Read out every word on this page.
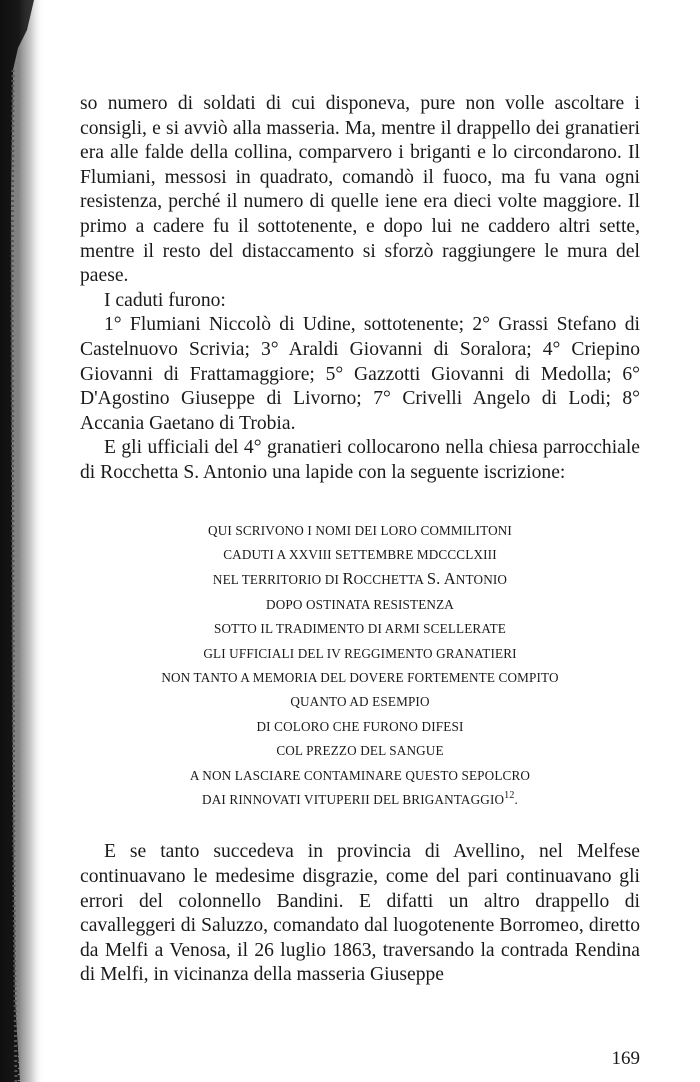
so numero di soldati di cui disponeva, pure non volle ascoltare i consigli, e si avviò alla masseria. Ma, mentre il drappello dei granatieri era alle falde della collina, comparvero i briganti e lo circondarono. Il Flumiani, messosi in quadrato, comandò il fuoco, ma fu vana ogni resistenza, perché il numero di quelle iene era dieci volte maggiore. Il primo a cadere fu il sottotenente, e dopo lui ne caddero altri sette, mentre il resto del distaccamento si sforzò raggiungere le mura del paese.

I caduti furono:

1° Flumiani Niccolò di Udine, sottotenente; 2° Grassi Stefano di Castelnuovo Scrivia; 3° Araldi Giovanni di Soralora; 4° Criepino Giovanni di Frattamaggiore; 5° Gazzotti Giovanni di Medolla; 6° D'Agostino Giuseppe di Livorno; 7° Crivelli Angelo di Lodi; 8° Accania Gaetano di Trobia.

E gli ufficiali del 4° granatieri collocarono nella chiesa parrocchiale di Rocchetta S. Antonio una lapide con la seguente iscrizione:

QUI SCRIVONO I NOMI DEI LORO COMMILITONI
CADUTI A XXVIII SETTEMBRE MDCCCLXIII
NEL TERRITORIO DI ROCCHETTA S. ANTONIO
DOPO OSTINATA RESISTENZA
SOTTO IL TRADIMENTO DI ARMI SCELLERATE
GLI UFFICIALI DEL IV REGGIMENTO GRANATIERI
NON TANTO A MEMORIA DEL DOVERE FORTEMENTE COMPITO
QUANTO AD ESEMPIO
DI COLORO CHE FURONO DIFESI
COL PREZZO DEL SANGUE
A NON LASCIARE CONTAMINARE QUESTO SEPOLCRO
DAI RINNOVATI VITUPERII DEL BRIGANTAGGIO$^{12}$.

E se tanto succedeva in provincia di Avellino, nel Melfese continuavano le medesime disgrazie, come del pari continuavano gli errori del colonnello Bandini. E difatti un altro drappello di cavalleggeri di Saluzzo, comandato dal luogotenente Borromeo, diretto da Melfi a Venosa, il 26 luglio 1863, traversando la contrada Rendina di Melfi, in vicinanza della masseria Giuseppe

169
